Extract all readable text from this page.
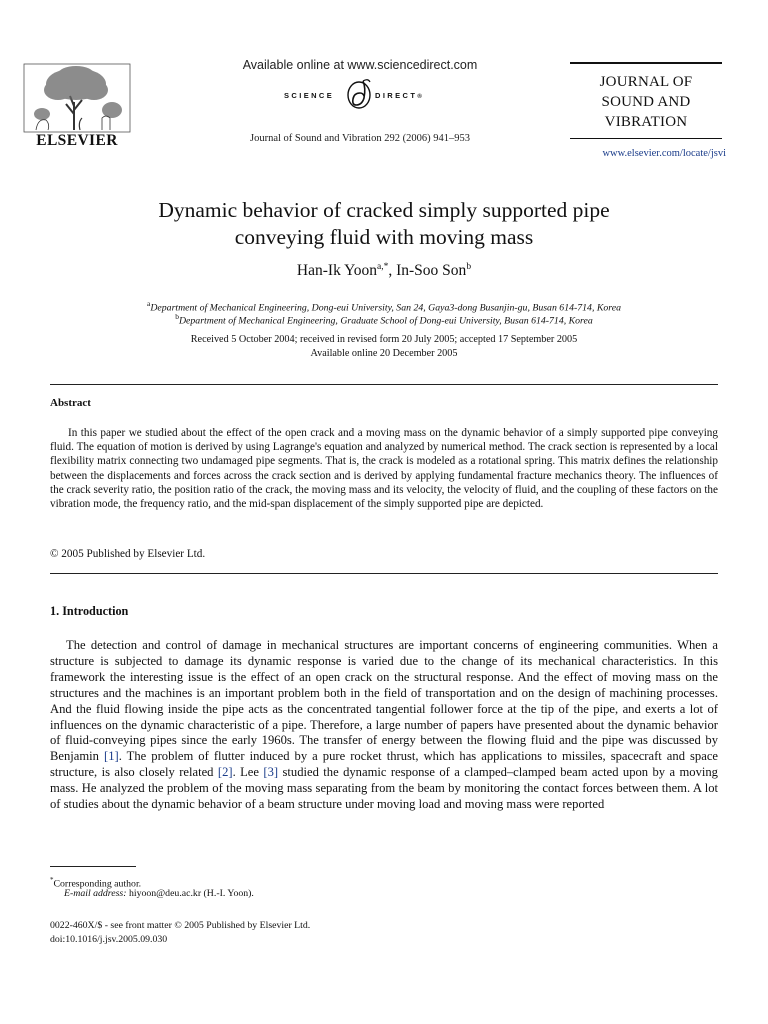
ELSEVIER
Available online at www.sciencedirect.com
SCIENCE	DIRECT®
Journal of Sound and Vibration 292 (2006) 941–953
JOURNAL OF
SOUND AND
VIBRATION
www.elsevier.com/locate/jsvi
Dynamic behavior of cracked simply supported pipe
conveying fluid with moving mass
Han-Ik Yoon$^{a,*}$, In-Soo Son$^b$
$^a$Department of Mechanical Engineering, Dong-eui University, San 24, Gaya3-dong Busanjin-gu, Busan 614-714, Korea
$^b$Department of Mechanical Engineering, Graduate School of Dong-eui University, Busan 614-714, Korea
Received 5 October 2004; received in revised form 20 July 2005; accepted 17 September 2005
Available online 20 December 2005
Abstract
In this paper we studied about the effect of the open crack and a moving mass on the dynamic behavior of a simply supported pipe conveying fluid. The equation of motion is derived by using Lagrange's equation and analyzed by numerical method. The crack section is represented by a local flexibility matrix connecting two undamaged pipe segments. That is, the crack is modeled as a rotational spring. This matrix defines the relationship between the displacements and forces across the crack section and is derived by applying fundamental fracture mechanics theory. The influences of the crack severity ratio, the position ratio of the crack, the moving mass and its velocity, the velocity of fluid, and the coupling of these factors on the vibration mode, the frequency ratio, and the mid-span displacement of the simply supported pipe are depicted.
© 2005 Published by Elsevier Ltd.
1. Introduction
The detection and control of damage in mechanical structures are important concerns of engineering communities. When a structure is subjected to damage its dynamic response is varied due to the change of its mechanical characteristics. In this framework the interesting issue is the effect of an open crack on the structural response. And the effect of moving mass on the structures and the machines is an important problem both in the field of transportation and on the design of machining processes. And the fluid flowing inside the pipe acts as the concentrated tangential follower force at the tip of the pipe, and exerts a lot of influences on the dynamic characteristic of a pipe. Therefore, a large number of papers have presented about the dynamic behavior of fluid-conveying pipes since the early 1960s. The transfer of energy between the flowing fluid and the pipe was discussed by Benjamin [1]. The problem of flutter induced by a pure rocket thrust, which has applications to missiles, spacecraft and space structure, is also closely related [2]. Lee [3] studied the dynamic response of a clamped–clamped beam acted upon by a moving mass. He analyzed the problem of the moving mass separating from the beam by monitoring the contact forces between them. A lot of studies about the dynamic behavior of a beam structure under moving load and moving mass were reported
*Corresponding author.
E-mail address: hiyoon@deu.ac.kr (H.-I. Yoon).
0022-460X/$ - see front matter © 2005 Published by Elsevier Ltd.
doi:10.1016/j.jsv.2005.09.030
